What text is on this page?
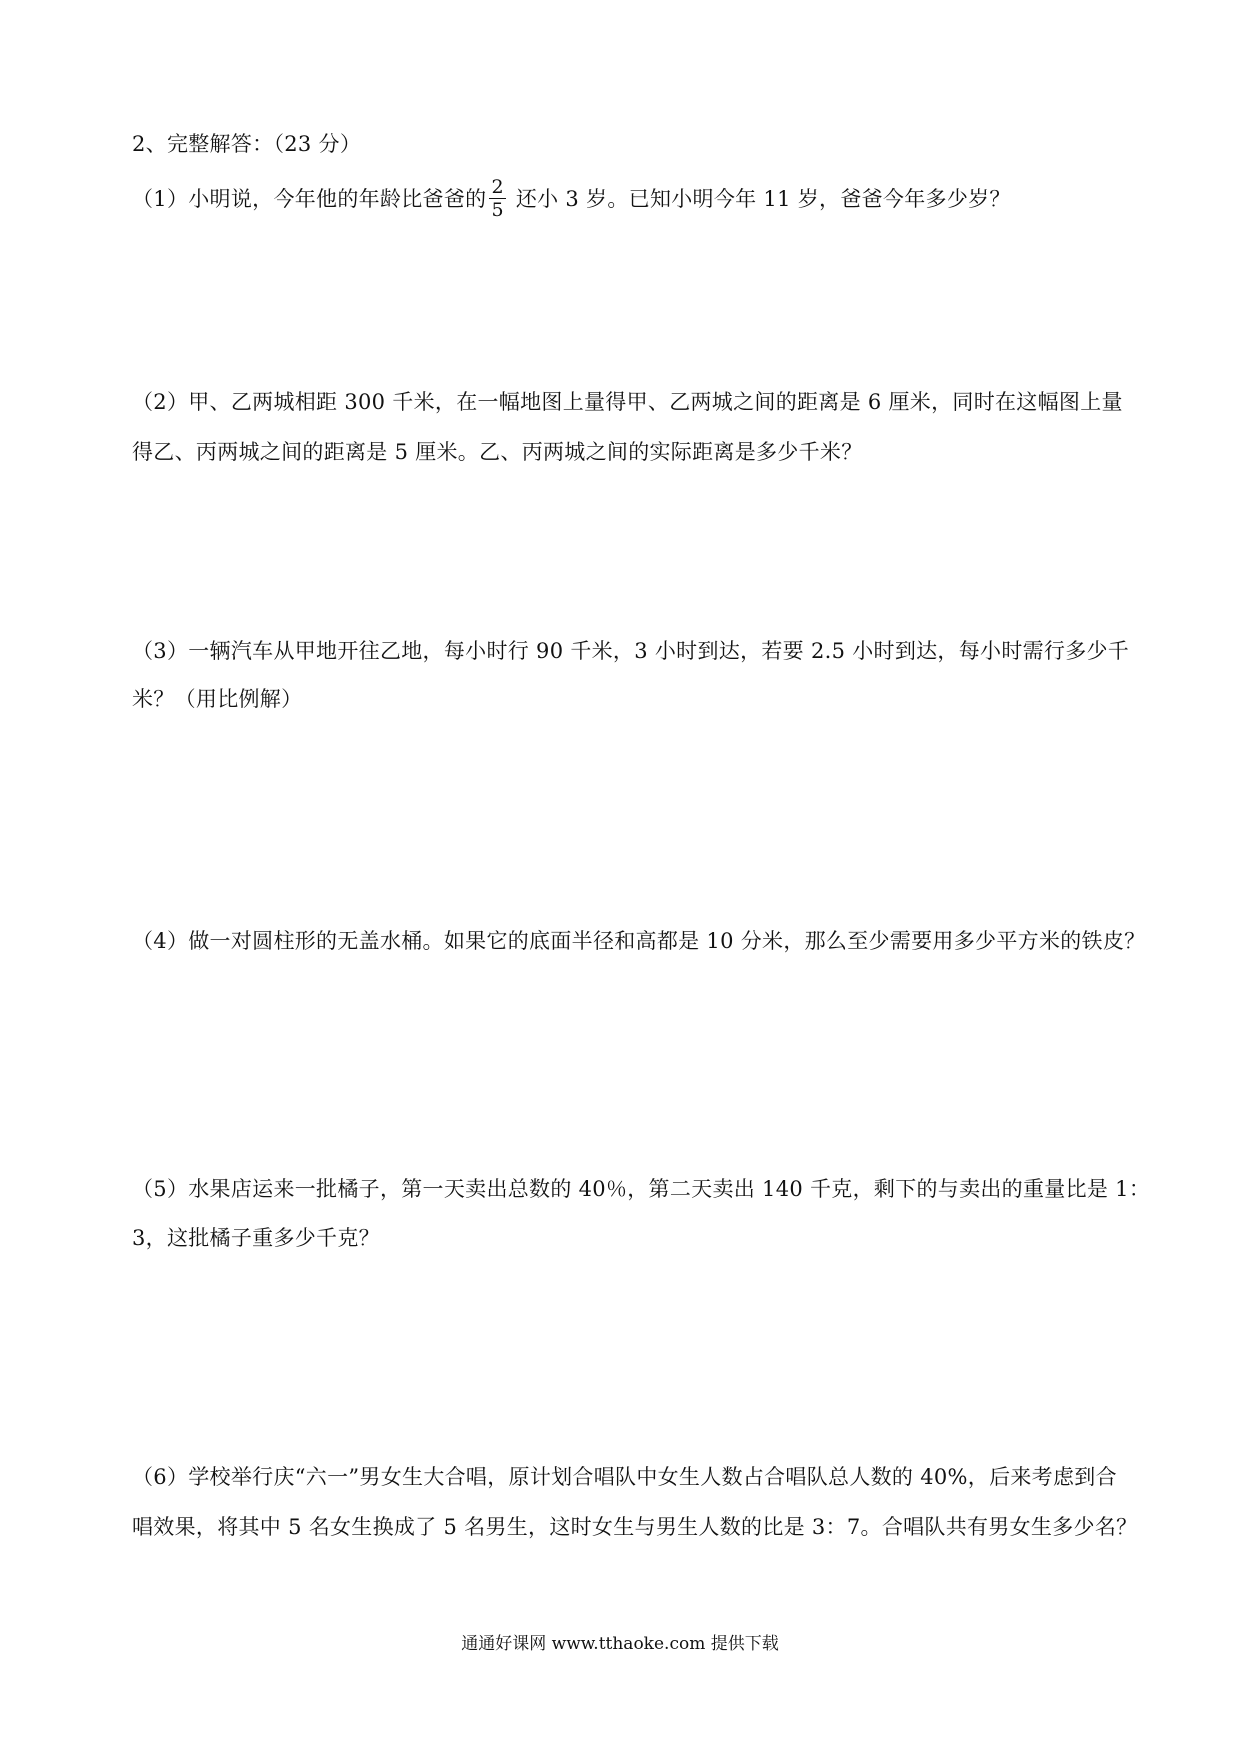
2、完整解答：（23 分）
（1）小明说，今年他的年龄比爸爸的 $\frac{2}{5}$ 还小 3 岁。已知小明今年 11 岁，爸爸今年多少岁？
（2）甲、乙两城相距 300 千米，在一幅地图上量得甲、乙两城之间的距离是 6 厘米，同时在这幅图上量
得乙、丙两城之间的距离是 5 厘米。乙、丙两城之间的实际距离是多少千米？
（3）一辆汽车从甲地开往乙地，每小时行 90 千米，3 小时到达，若要 2.5 小时到达，每小时需行多少千
米？（用比例解）
（4）做一对圆柱形的无盖水桶。如果它的底面半径和高都是 10 分米，那么至少需要用多少平方米的铁皮？
（5）水果店运来一批橘子，第一天卖出总数的 40％，第二天卖出 140 千克，剩下的与卖出的重量比是 1：
3，这批橘子重多少千克？
（6）学校举行庆“六一”男女生大合唱，原计划合唱队中女生人数占合唱队总人数的 40%，后来考虑到合
唱效果，将其中 5 名女生换成了 5 名男生，这时女生与男生人数的比是 3：7。合唱队共有男女生多少名？
通通好课网 www.tthaoke.com 提供下载
